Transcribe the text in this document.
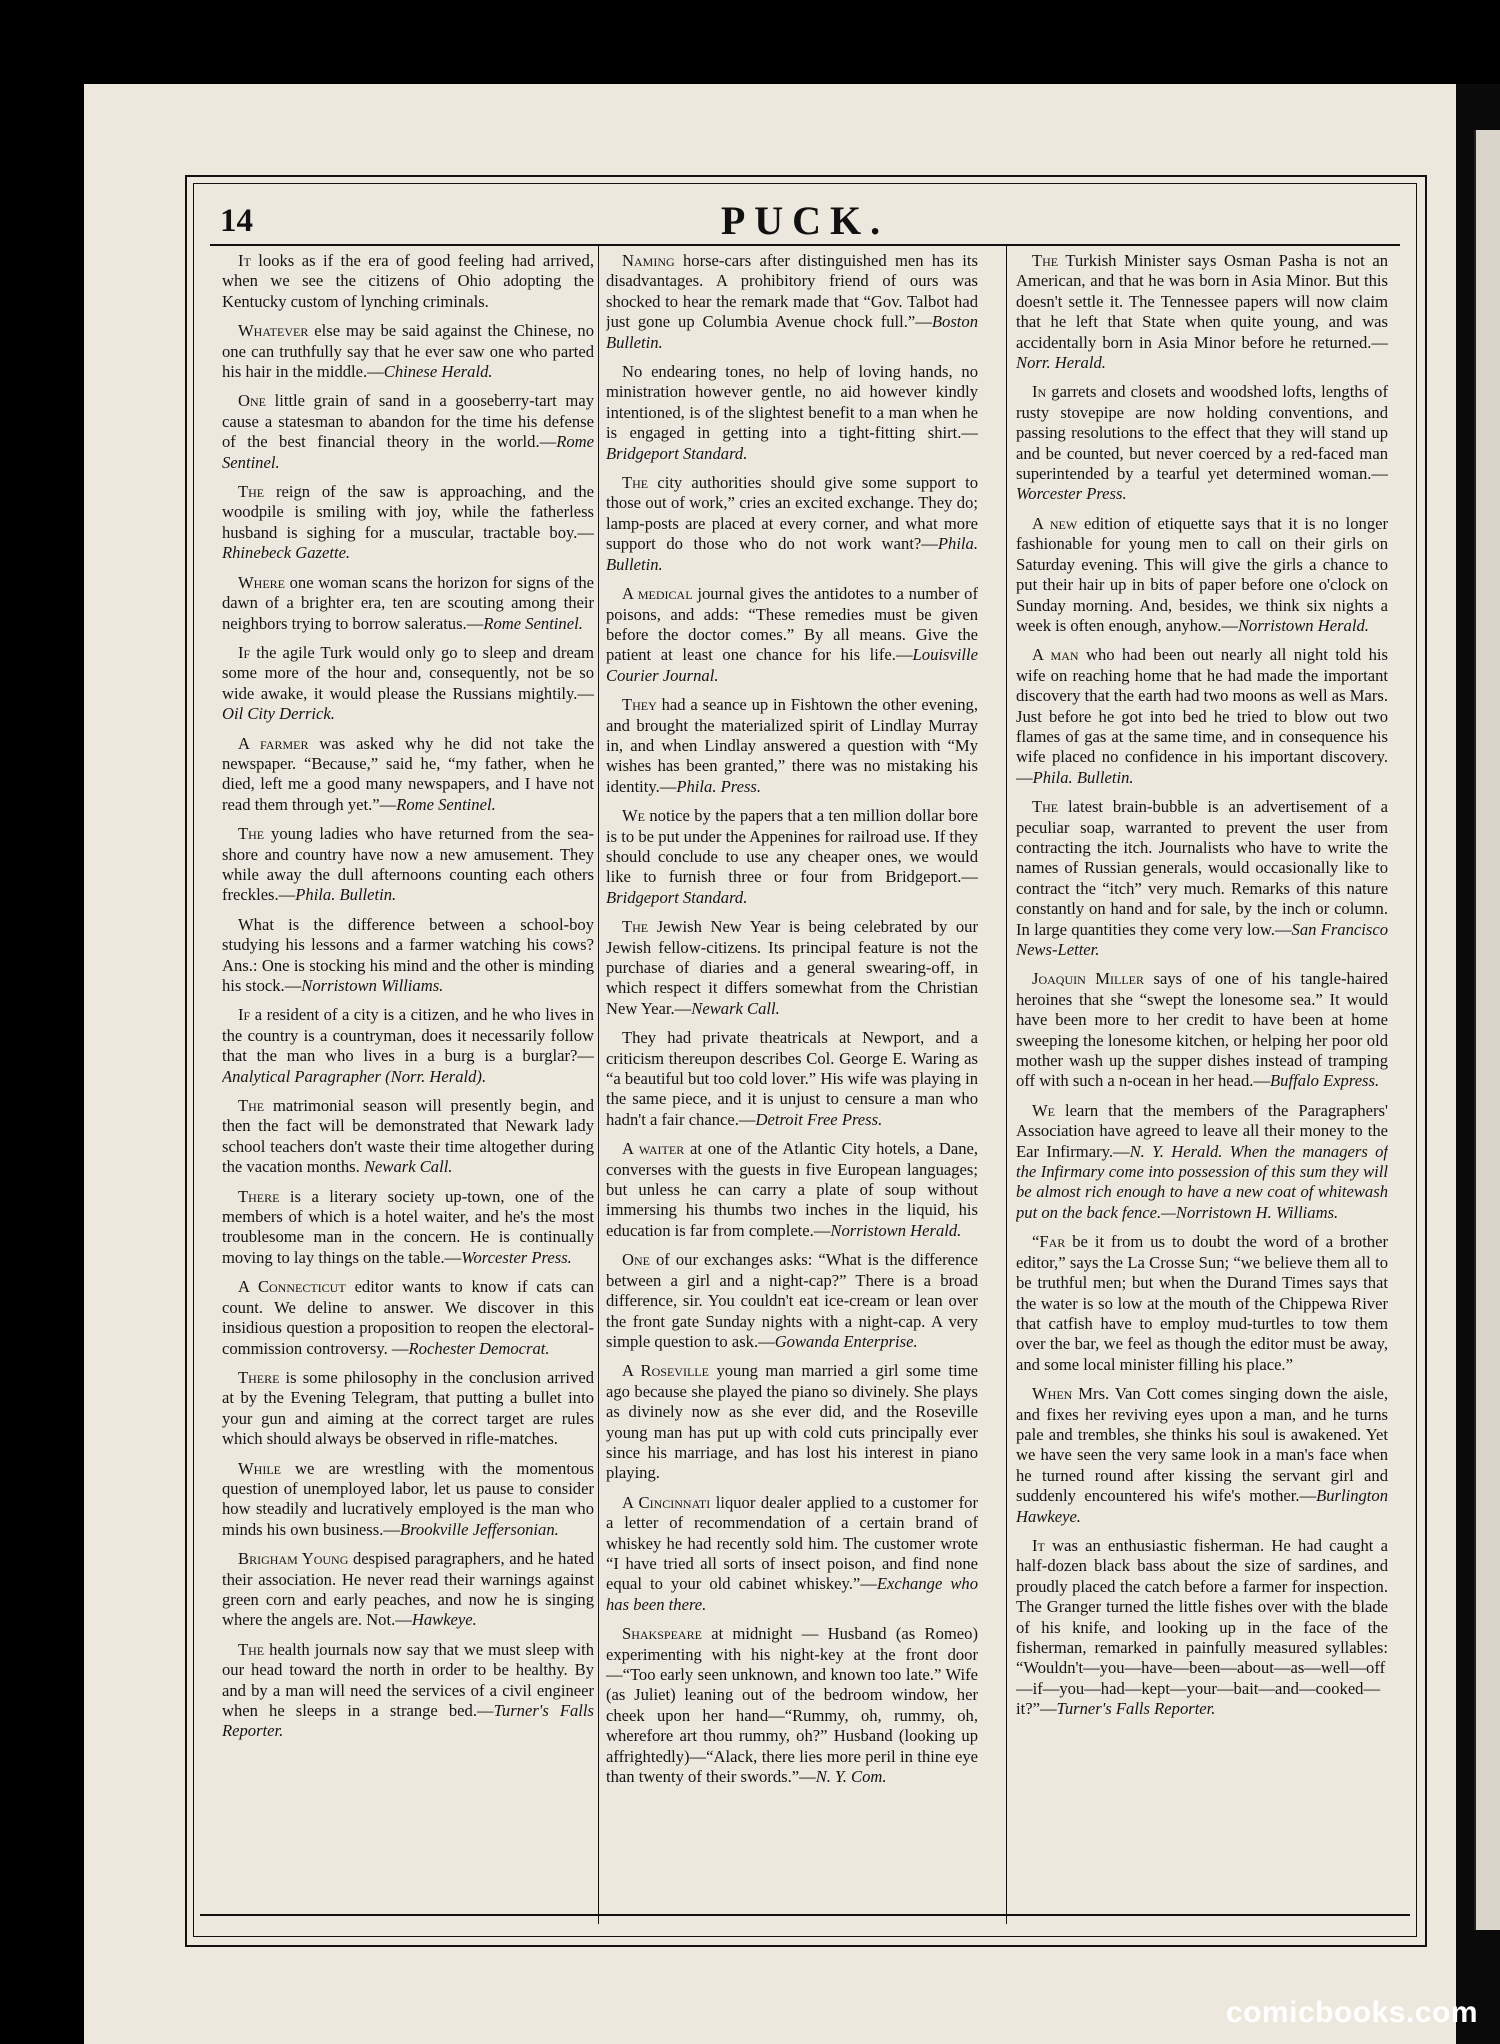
14	PUCK.

It looks as if the era of good feeling had arrived, when we see the citizens of Ohio adopting the Kentucky custom of lynching criminals.

Whatever else may be said against the Chinese, no one can truthfully say that he ever saw one who parted his hair in the middle.—Chinese Herald.

One little grain of sand in a gooseberry-tart may cause a statesman to abandon for the time his defense of the best financial theory in the world.—Rome Sentinel.

The reign of the saw is approaching, and the woodpile is smiling with joy, while the fatherless husband is sighing for a muscular, tractable boy.—Rhinebeck Gazette.

Where one woman scans the horizon for signs of the dawn of a brighter era, ten are scouting among their neighbors trying to borrow saleratus.—Rome Sentinel.

If the agile Turk would only go to sleep and dream some more of the hour and, consequently, not be so wide awake, it would please the Russians mightily.—Oil City Derrick.

A farmer was asked why he did not take the newspaper. “Because,” said he, “my father, when he died, left me a good many newspapers, and I have not read them through yet.”—Rome Sentinel.

The young ladies who have returned from the sea-shore and country have now a new amusement. They while away the dull afternoons counting each others freckles.—Phila. Bulletin.

What is the difference between a school-boy studying his lessons and a farmer watching his cows? Ans.: One is stocking his mind and the other is minding his stock.—Norristown Williams.

If a resident of a city is a citizen, and he who lives in the country is a countryman, does it necessarily follow that the man who lives in a burg is a burglar?—Analytical Paragrapher (Norr. Herald).

The matrimonial season will presently begin, and then the fact will be demonstrated that Newark lady school teachers don't waste their time altogether during the vacation months. Newark Call.

There is a literary society up-town, one of the members of which is a hotel waiter, and he's the most troublesome man in the concern. He is continually moving to lay things on the table.—Worcester Press.

A Connecticut editor wants to know if cats can count. We deline to answer. We discover in this insidious question a proposition to reopen the electoral-commission controversy. —Rochester Democrat.

There is some philosophy in the conclusion arrived at by the Evening Telegram, that putting a bullet into your gun and aiming at the correct target are rules which should always be observed in rifle-matches.

While we are wrestling with the momentous question of unemployed labor, let us pause to consider how steadily and lucratively employed is the man who minds his own business.—Brookville Jeffersonian.

Brigham Young despised paragraphers, and he hated their association. He never read their warnings against green corn and early peaches, and now he is singing where the angels are. Not.—Hawkeye.

The health journals now say that we must sleep with our head toward the north in order to be healthy. By and by a man will need the services of a civil engineer when he sleeps in a strange bed.—Turner's Falls Reporter.

Naming horse-cars after distinguished men has its disadvantages. A prohibitory friend of ours was shocked to hear the remark made that “Gov. Talbot had just gone up Columbia Avenue chock full.”—Boston Bulletin.

No endearing tones, no help of loving hands, no ministration however gentle, no aid however kindly intentioned, is of the slightest benefit to a man when he is engaged in getting into a tight-fitting shirt.—Bridgeport Standard.

The city authorities should give some support to those out of work,” cries an excited exchange. They do; lamp-posts are placed at every corner, and what more support do those who do not work want?—Phila. Bulletin.

A medical journal gives the antidotes to a number of poisons, and adds: “These remedies must be given before the doctor comes.” By all means. Give the patient at least one chance for his life.—Louisville Courier Journal.

They had a seance up in Fishtown the other evening, and brought the materialized spirit of Lindlay Murray in, and when Lindlay answered a question with “My wishes has been granted,” there was no mistaking his identity.—Phila. Press.

We notice by the papers that a ten million dollar bore is to be put under the Appenines for railroad use. If they should conclude to use any cheaper ones, we would like to furnish three or four from Bridgeport.—Bridgeport Standard.

The Jewish New Year is being celebrated by our Jewish fellow-citizens. Its principal feature is not the purchase of diaries and a general swearing-off, in which respect it differs somewhat from the Christian New Year.—Newark Call.

They had private theatricals at Newport, and a criticism thereupon describes Col. George E. Waring as “a beautiful but too cold lover.” His wife was playing in the same piece, and it is unjust to censure a man who hadn't a fair chance.—Detroit Free Press.

A waiter at one of the Atlantic City hotels, a Dane, converses with the guests in five European languages; but unless he can carry a plate of soup without immersing his thumbs two inches in the liquid, his education is far from complete.—Norristown Herald.

One of our exchanges asks: “What is the difference between a girl and a night-cap?” There is a broad difference, sir. You couldn't eat ice-cream or lean over the front gate Sunday nights with a night-cap. A very simple question to ask.—Gowanda Enterprise.

A Roseville young man married a girl some time ago because she played the piano so divinely. She plays as divinely now as she ever did, and the Roseville young man has put up with cold cuts principally ever since his marriage, and has lost his interest in piano playing.

A Cincinnati liquor dealer applied to a customer for a letter of recommendation of a certain brand of whiskey he had recently sold him. The customer wrote “I have tried all sorts of insect poison, and find none equal to your old cabinet whiskey.”—Exchange who has been there.

Shakspeare at midnight — Husband (as Romeo) experimenting with his night-key at the front door—“Too early seen unknown, and known too late.” Wife (as Juliet) leaning out of the bedroom window, her cheek upon her hand—“Rummy, oh, rummy, oh, wherefore art thou rummy, oh?” Husband (looking up affrightedly)—“Alack, there lies more peril in thine eye than twenty of their swords.”—N. Y. Com.

The Turkish Minister says Osman Pasha is not an American, and that he was born in Asia Minor. But this doesn't settle it. The Tennessee papers will now claim that he left that State when quite young, and was accidentally born in Asia Minor before he returned.—Norr. Herald.

In garrets and closets and woodshed lofts, lengths of rusty stovepipe are now holding conventions, and passing resolutions to the effect that they will stand up and be counted, but never coerced by a red-faced man superintended by a tearful yet determined woman.—Worcester Press.

A new edition of etiquette says that it is no longer fashionable for young men to call on their girls on Saturday evening. This will give the girls a chance to put their hair up in bits of paper before one o'clock on Sunday morning. And, besides, we think six nights a week is often enough, anyhow.—Norristown Herald.

A man who had been out nearly all night told his wife on reaching home that he had made the important discovery that the earth had two moons as well as Mars. Just before he got into bed he tried to blow out two flames of gas at the same time, and in consequence his wife placed no confidence in his important discovery.—Phila. Bulletin.

The latest brain-bubble is an advertisement of a peculiar soap, warranted to prevent the user from contracting the itch. Journalists who have to write the names of Russian generals, would occasionally like to contract the “itch” very much. Remarks of this nature constantly on hand and for sale, by the inch or column. In large quantities they come very low.—San Francisco News-Letter.

Joaquin Miller says of one of his tangle-haired heroines that she “swept the lonesome sea.” It would have been more to her credit to have been at home sweeping the lonesome kitchen, or helping her poor old mother wash up the supper dishes instead of tramping off with such a n-ocean in her head.—Buffalo Express.

We learn that the members of the Paragraphers' Association have agreed to leave all their money to the Ear Infirmary.—N. Y. Herald. When the managers of the Infirmary come into possession of this sum they will be almost rich enough to have a new coat of whitewash put on the back fence.—Norristown H. Williams.

“Far be it from us to doubt the word of a brother editor,” says the La Crosse Sun; “we believe them all to be truthful men; but when the Durand Times says that the water is so low at the mouth of the Chippewa River that catfish have to employ mud-turtles to tow them over the bar, we feel as though the editor must be away, and some local minister filling his place.”

When Mrs. Van Cott comes singing down the aisle, and fixes her reviving eyes upon a man, and he turns pale and trembles, she thinks his soul is awakened. Yet we have seen the very same look in a man's face when he turned round after kissing the servant girl and suddenly encountered his wife's mother.—Burlington Hawkeye.

It was an enthusiastic fisherman. He had caught a half-dozen black bass about the size of sardines, and proudly placed the catch before a farmer for inspection. The Granger turned the little fishes over with the blade of his knife, and looking up in the face of the fisherman, remarked in painfully measured syllables: “Wouldn't—you—have—been—about—as—well—off—if—you—had—kept—your—bait—and—cooked—it?”—Turner's Falls Reporter.

comicbooks.com
